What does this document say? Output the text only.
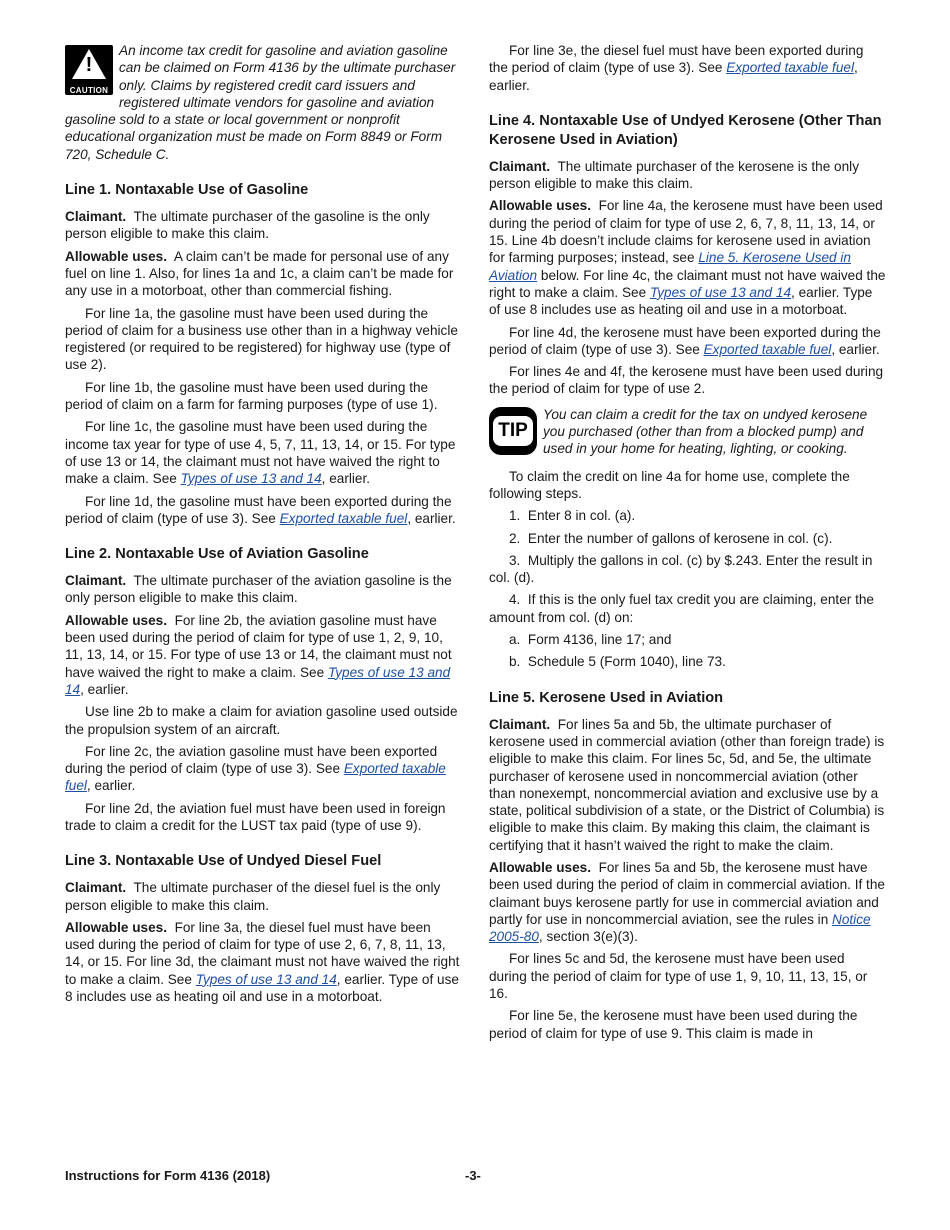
!
CAUTION
An income tax credit for gasoline and aviation gasoline can be claimed on Form 4136 by the ultimate purchaser only. Claims by registered credit card issuers and registered ultimate vendors for gasoline and aviation gasoline sold to a state or local government or nonprofit educational organization must be made on Form 8849 or Form 720, Schedule C.
Line 1. Nontaxable Use of Gasoline

Claimant. The ultimate purchaser of the gasoline is the only person eligible to make this claim.

Allowable uses. A claim can’t be made for personal use of any fuel on line 1. Also, for lines 1a and 1c, a claim can’t be made for any use in a motorboat, other than commercial fishing.

For line 1a, the gasoline must have been used during the period of claim for a business use other than in a highway vehicle registered (or required to be registered) for highway use (type of use 2).

For line 1b, the gasoline must have been used during the period of claim on a farm for farming purposes (type of use 1).

For line 1c, the gasoline must have been used during the income tax year for type of use 4, 5, 7, 11, 13, 14, or 15. For type of use 13 or 14, the claimant must not have waived the right to make a claim. See Types of use 13 and 14, earlier.

For line 1d, the gasoline must have been exported during the period of claim (type of use 3). See Exported taxable fuel, earlier.

Line 2. Nontaxable Use of Aviation Gasoline

Claimant. The ultimate purchaser of the aviation gasoline is the only person eligible to make this claim.

Allowable uses. For line 2b, the aviation gasoline must have been used during the period of claim for type of use 1, 2, 9, 10, 11, 13, 14, or 15. For type of use 13 or 14, the claimant must not have waived the right to make a claim. See Types of use 13 and 14, earlier.

Use line 2b to make a claim for aviation gasoline used outside the propulsion system of an aircraft.

For line 2c, the aviation gasoline must have been exported during the period of claim (type of use 3). See Exported taxable fuel, earlier.

For line 2d, the aviation fuel must have been used in foreign trade to claim a credit for the LUST tax paid (type of use 9).

Line 3. Nontaxable Use of Undyed Diesel Fuel

Claimant. The ultimate purchaser of the diesel fuel is the only person eligible to make this claim.

Allowable uses. For line 3a, the diesel fuel must have been used during the period of claim for type of use 2, 6, 7, 8, 11, 13, 14, or 15. For line 3d, the claimant must not have waived the right to make a claim. See Types of use 13 and 14, earlier. Type of use 8 includes use as heating oil and use in a motorboat.

For line 3e, the diesel fuel must have been exported during the period of claim (type of use 3). See Exported taxable fuel, earlier.

Line 4. Nontaxable Use of Undyed Kerosene (Other Than Kerosene Used in Aviation)

Claimant. The ultimate purchaser of the kerosene is the only person eligible to make this claim.

Allowable uses. For line 4a, the kerosene must have been used during the period of claim for type of use 2, 6, 7, 8, 11, 13, 14, or 15. Line 4b doesn’t include claims for kerosene used in aviation for farming purposes; instead, see Line 5. Kerosene Used in Aviation below. For line 4c, the claimant must not have waived the right to make a claim. See Types of use 13 and 14, earlier. Type of use 8 includes use as heating oil and use in a motorboat.

For line 4d, the kerosene must have been exported during the period of claim (type of use 3). See Exported taxable fuel, earlier.

For lines 4e and 4f, the kerosene must have been used during the period of claim for type of use 2.

TIP
You can claim a credit for the tax on undyed kerosene you purchased (other than from a blocked pump) and used in your home for heating, lighting, or cooking.

To claim the credit on line 4a for home use, complete the following steps.

1. Enter 8 in col. (a).

2. Enter the number of gallons of kerosene in col. (c).

3. Multiply the gallons in col. (c) by $.243. Enter the result in col. (d).

4. If this is the only fuel tax credit you are claiming, enter the amount from col. (d) on:

a. Form 4136, line 17; and

b. Schedule 5 (Form 1040), line 73.

Line 5. Kerosene Used in Aviation

Claimant. For lines 5a and 5b, the ultimate purchaser of kerosene used in commercial aviation (other than foreign trade) is eligible to make this claim. For lines 5c, 5d, and 5e, the ultimate purchaser of kerosene used in noncommercial aviation (other than nonexempt, noncommercial aviation and exclusive use by a state, political subdivision of a state, or the District of Columbia) is eligible to make this claim. By making this claim, the claimant is certifying that it hasn’t waived the right to make the claim.

Allowable uses. For lines 5a and 5b, the kerosene must have been used during the period of claim in commercial aviation. If the claimant buys kerosene partly for use in commercial aviation and partly for use in noncommercial aviation, see the rules in Notice 2005-80, section 3(e)(3).

For lines 5c and 5d, the kerosene must have been used during the period of claim for type of use 1, 9, 10, 11, 13, 15, or 16.

For line 5e, the kerosene must have been used during the period of claim for type of use 9. This claim is made in

Instructions for Form 4136 (2018)	-3-
